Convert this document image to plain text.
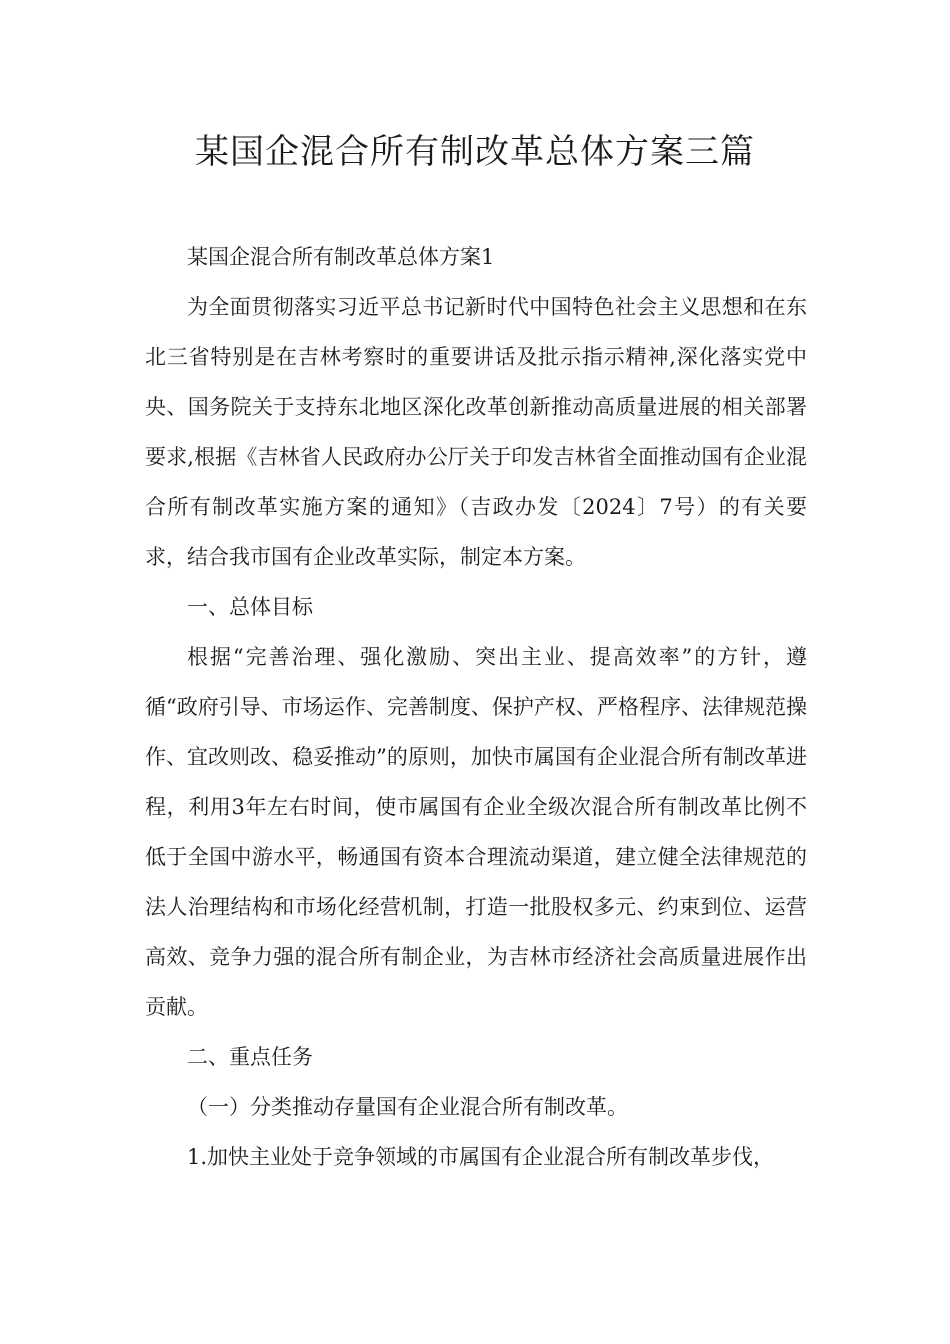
某国企混合所有制改革总体方案三篇

某国企混合所有制改革总体方案1

为全面贯彻落实习近平总书记新时代中国特色社会主义思想和在东北三省特别是在吉林考察时的重要讲话及批示指示精神,深化落实党中央、国务院关于支持东北地区深化改革创新推动高质量进展的相关部署要求,根据《吉林省人民政府办公厅关于印发吉林省全面推动国有企业混合所有制改革实施方案的通知》（吉政办发〔2024〕7号）的有关要求，结合我市国有企业改革实际，制定本方案。

一、总体目标

根据“完善治理、强化激励、突出主业、提高效率”的方针，遵循“政府引导、市场运作、完善制度、保护产权、严格程序、法律规范操作、宜改则改、稳妥推动”的原则，加快市属国有企业混合所有制改革进程，利用3年左右时间，使市属国有企业全级次混合所有制改革比例不低于全国中游水平，畅通国有资本合理流动渠道，建立健全法律规范的法人治理结构和市场化经营机制，打造一批股权多元、约束到位、运营高效、竞争力强的混合所有制企业，为吉林市经济社会高质量进展作出贡献。

二、重点任务

（一）分类推动存量国有企业混合所有制改革。

1.加快主业处于竞争领域的市属国有企业混合所有制改革步伐，
